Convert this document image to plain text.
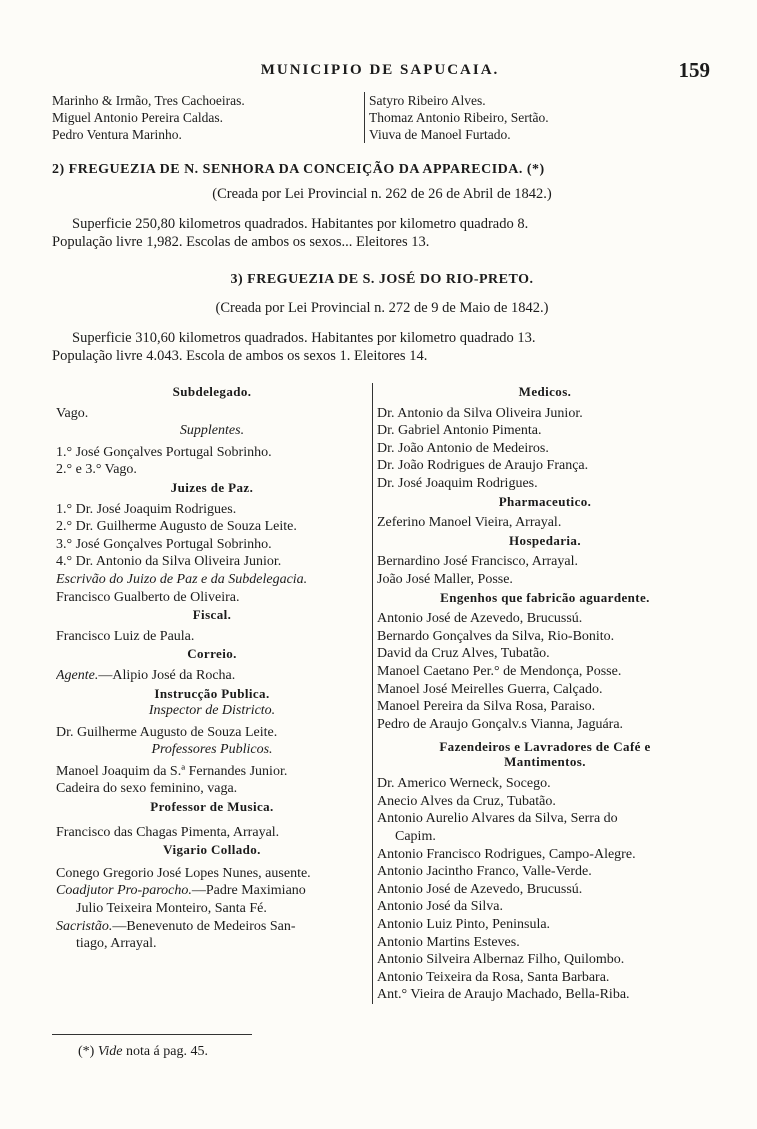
MUNICIPIO DE SAPUCAIA.	159
Marinho & Irmão, Tres Cachoeiras.
Miguel Antonio Pereira Caldas.
Pedro Ventura Marinho.
Satyro Ribeiro Alves.
Thomaz Antonio Ribeiro, Sertão.
Viuva de Manoel Furtado.
2) FREGUEZIA DE N. SENHORA DA CONCEIÇÃO DA APPARECIDA. (*)
(Creada por Lei Provincial n. 262 de 26 de Abril de 1842.)
Superficie 250,80 kilometros quadrados. Habitantes por kilometro quadrado 8.
População livre 1,982. Escolas de ambos os sexos... Eleitores 13.
3) FREGUEZIA DE S. JOSÉ DO RIO-PRETO.
(Creada por Lei Provincial n. 272 de 9 de Maio de 1842.)
Superficie 310,60 kilometros quadrados. Habitantes por kilometro quadrado 13.
População livre 4.043. Escola de ambos os sexos 1. Eleitores 14.
Subdelegado.
Vago.
Supplentes.
1.° José Gonçalves Portugal Sobrinho.
2.° e 3.° Vago.
Juizes de Paz.
1.° Dr. José Joaquim Rodrigues.
2.° Dr. Guilherme Augusto de Souza Leite.
3.° José Gonçalves Portugal Sobrinho.
4.° Dr. Antonio da Silva Oliveira Junior.
Escrivão do Juizo de Paz e da Subdelegacia.
Francisco Gualberto de Oliveira.
Fiscal.
Francisco Luiz de Paula.
Correio.
Agente.—Alipio José da Rocha.
Instrucção Publica.
Inspector de Districto.
Dr. Guilherme Augusto de Souza Leite.
Professores Publicos.
Manoel Joaquim da S.ª Fernandes Junior.
Cadeira do sexo feminino, vaga.
Professor de Musica.
Francisco das Chagas Pimenta, Arrayal.
Vigario Collado.
Conego Gregorio José Lopes Nunes, ausente.
Coadjutor Pro-parocho.—Padre Maximiano
Julio Teixeira Monteiro, Santa Fé.
Sacristão.—Benevenuto de Medeiros San-
tiago, Arrayal.
Medicos.
Dr. Antonio da Silva Oliveira Junior.
Dr. Gabriel Antonio Pimenta.
Dr. João Antonio de Medeiros.
Dr. João Rodrigues de Araujo França.
Dr. José Joaquim Rodrigues.
Pharmaceutico.
Zeferino Manoel Vieira, Arrayal.
Hospedaria.
Bernardino José Francisco, Arrayal.
João José Maller, Posse.
Engenhos que fabricão aguardente.
Antonio José de Azevedo, Brucussú.
Bernardo Gonçalves da Silva, Rio-Bonito.
David da Cruz Alves, Tubatão.
Manoel Caetano Per.° de Mendonça, Posse.
Manoel José Meirelles Guerra, Calçado.
Manoel Pereira da Silva Rosa, Paraiso.
Pedro de Araujo Gonçalv.s Vianna, Jaguára.
Fazendeiros e Lavradores de Café e Mantimentos.
Dr. Americo Werneck, Socego.
Anecio Alves da Cruz, Tubatão.
Antonio Aurelio Alvares da Silva, Serra do
Capim.
Antonio Francisco Rodrigues, Campo-Alegre.
Antonio Jacintho Franco, Valle-Verde.
Antonio José de Azevedo, Brucussú.
Antonio José da Silva.
Antonio Luiz Pinto, Peninsula.
Antonio Martins Esteves.
Antonio Silveira Albernaz Filho, Quilombo.
Antonio Teixeira da Rosa, Santa Barbara.
Ant.° Vieira de Araujo Machado, Bella-Riba.
(*) Vide nota á pag. 45.
